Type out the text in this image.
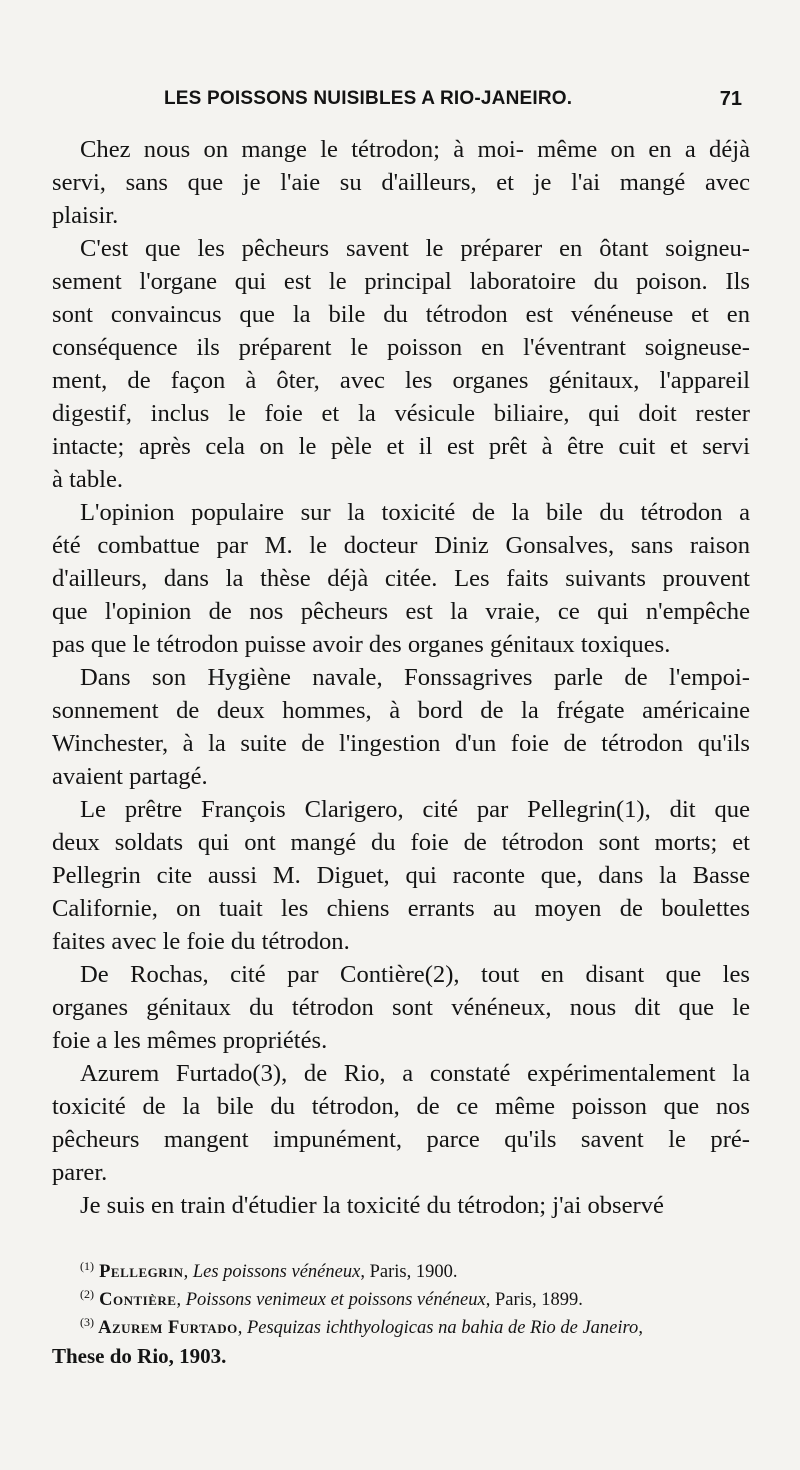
LES POISSONS NUISIBLES A RIO-JANEIRO.	71
Chez nous on mange le tétrodon; à moi- même on en a déjà
servi, sans que je l'aie su d'ailleurs, et je l'ai mangé avec
plaisir.
C'est que les pêcheurs savent le préparer en ôtant soigneu-
sement l'organe qui est le principal laboratoire du poison. Ils
sont convaincus que la bile du tétrodon est vénéneuse et en
conséquence ils préparent le poisson en l'éventrant soigneuse-
ment, de façon à ôter, avec les organes génitaux, l'appareil
digestif, inclus le foie et la vésicule biliaire, qui doit rester
intacte; après cela on le pèle et il est prêt à être cuit et servi
à table.
L'opinion populaire sur la toxicité de la bile du tétrodon a
été combattue par M. le docteur Diniz Gonsalves, sans raison
d'ailleurs, dans la thèse déjà citée. Les faits suivants prouvent
que l'opinion de nos pêcheurs est la vraie, ce qui n'empêche
pas que le tétrodon puisse avoir des organes génitaux toxiques.
Dans son Hygiène navale, Fonssagrives parle de l'empoi-
sonnement de deux hommes, à bord de la frégate américaine
Winchester, à la suite de l'ingestion d'un foie de tétrodon qu'ils
avaient partagé.
Le prêtre François Clarigero, cité par Pellegrin(1), dit que
deux soldats qui ont mangé du foie de tétrodon sont morts; et
Pellegrin cite aussi M. Diguet, qui raconte que, dans la Basse
Californie, on tuait les chiens errants au moyen de boulettes
faites avec le foie du tétrodon.
De Rochas, cité par Contière(2), tout en disant que les
organes génitaux du tétrodon sont vénéneux, nous dit que le
foie a les mêmes propriétés.
Azurem Furtado(3), de Rio, a constaté expérimentalement la
toxicité de la bile du tétrodon, de ce même poisson que nos
pêcheurs mangent impunément, parce qu'ils savent le pré-
parer.
Je suis en train d'étudier la toxicité du tétrodon; j'ai observé

$^{(1)}$ Pellegrin, Les poissons vénéneux, Paris, 1900.

$^{(2)}$ Contière, Poissons venimeux et poissons vénéneux, Paris, 1899.

$^{(3)}$ Azurem Furtado, Pesquizas ichthyologicas na bahia de Rio de Janeiro,
These do Rio, 1903.
